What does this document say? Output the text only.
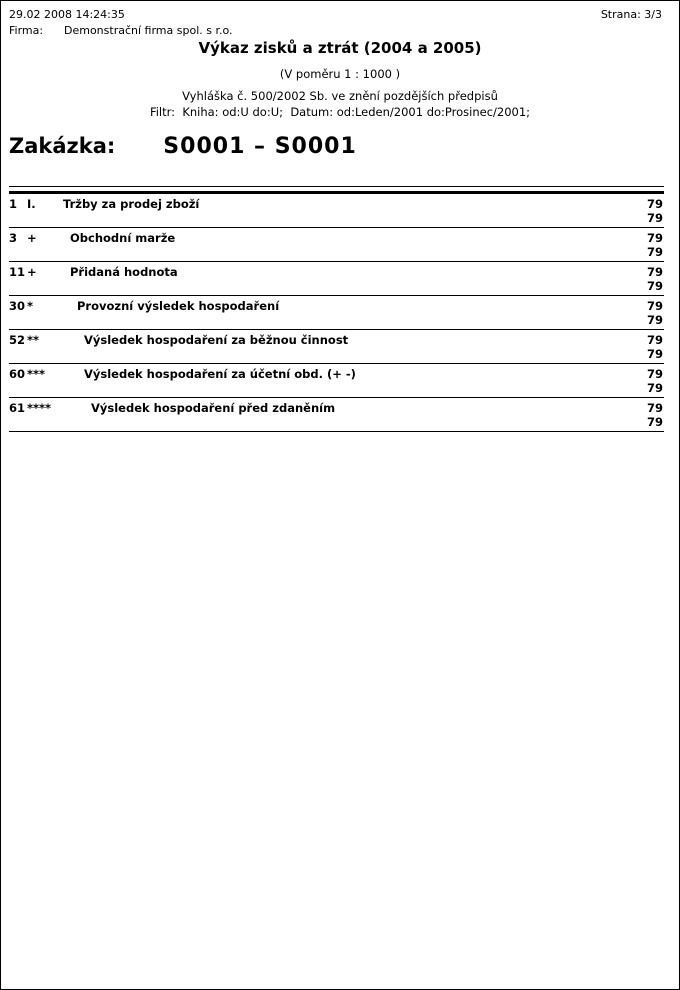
29.02 2008 14:24:35	Strana: 3/3
Firma:	Demonstrační firma spol. s r.o.
Výkaz zisků a ztrát (2004 a 2005)
(V poměru 1 : 1000 )
Vyhláška č. 500/2002 Sb. ve znění pozdějších předpisů
Filtr:  Kniha: od:U do:U;  Datum: od:Leden/2001 do:Prosinec/2001;
Zakázka: S0001 – S0001
1 I.	Tržby za prodej zboží	79
79
3 +	Obchodní marže	79
79
11 +	Přidaná hodnota	79
79
30 *	Provozní výsledek hospodaření	79
79
52 **	Výsledek hospodaření za běžnou činnost	79
79
60 ***	Výsledek hospodaření za účetní obd. (+ -)	79
79
61 ****	Výsledek hospodaření před zdaněním	79
79
